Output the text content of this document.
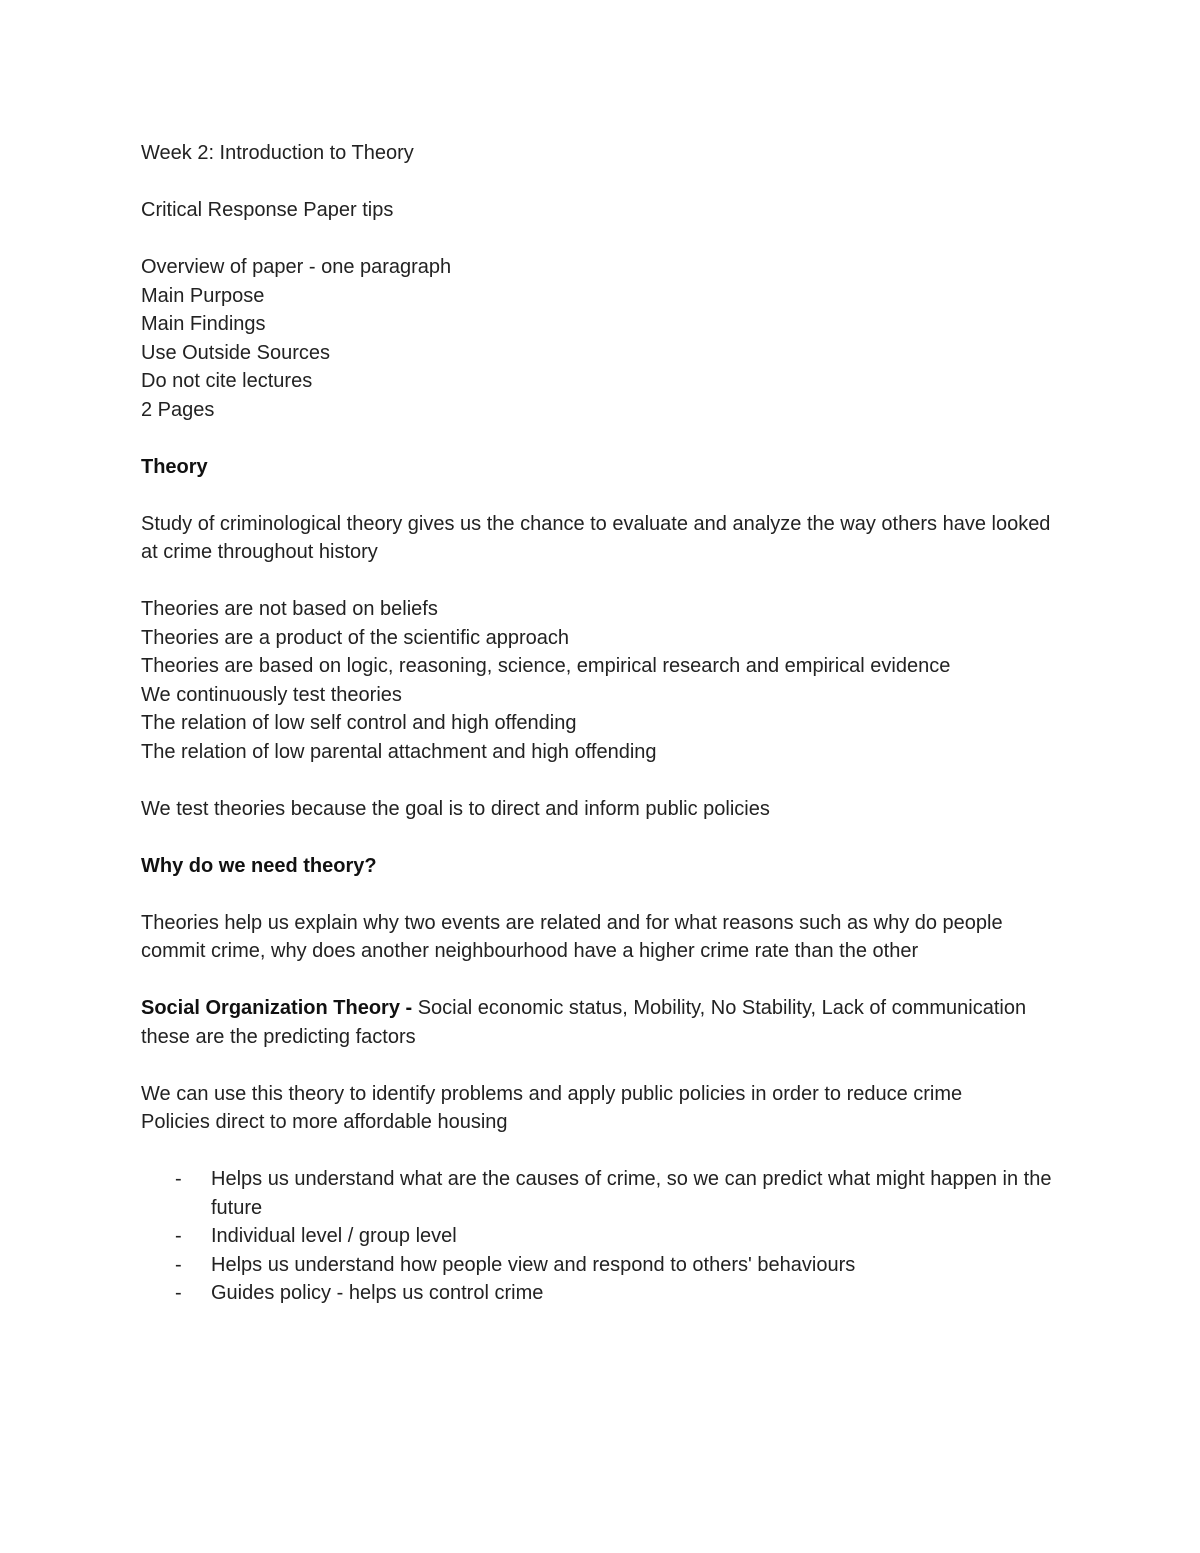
Week 2: Introduction to Theory
Critical Response Paper tips
Overview of paper - one paragraph
Main Purpose
Main Findings
Use Outside Sources
Do not cite lectures
2 Pages
Theory
Study of criminological theory gives us the chance to evaluate and analyze the way others have looked at crime throughout history
Theories are not based on beliefs
Theories are a product of the scientific approach
Theories are based on logic, reasoning, science, empirical research and empirical evidence
We continuously test theories
The relation of low self control and high offending
The relation of low parental attachment and high offending
We test theories because the goal is to direct and inform public policies
Why do we need theory?
Theories help us explain why two events are related and for what reasons such as why do people commit crime, why does another neighbourhood have a higher crime rate than the other
Social Organization Theory - Social economic status, Mobility, No Stability, Lack of communication these are the predicting factors
We can use this theory to identify problems and apply public policies in order to reduce crime
Policies direct to more affordable housing
- Helps us understand what are the causes of crime, so we can predict what might happen in the future
- Individual level / group level
- Helps us understand how people view and respond to others' behaviours
- Guides policy - helps us control crime
